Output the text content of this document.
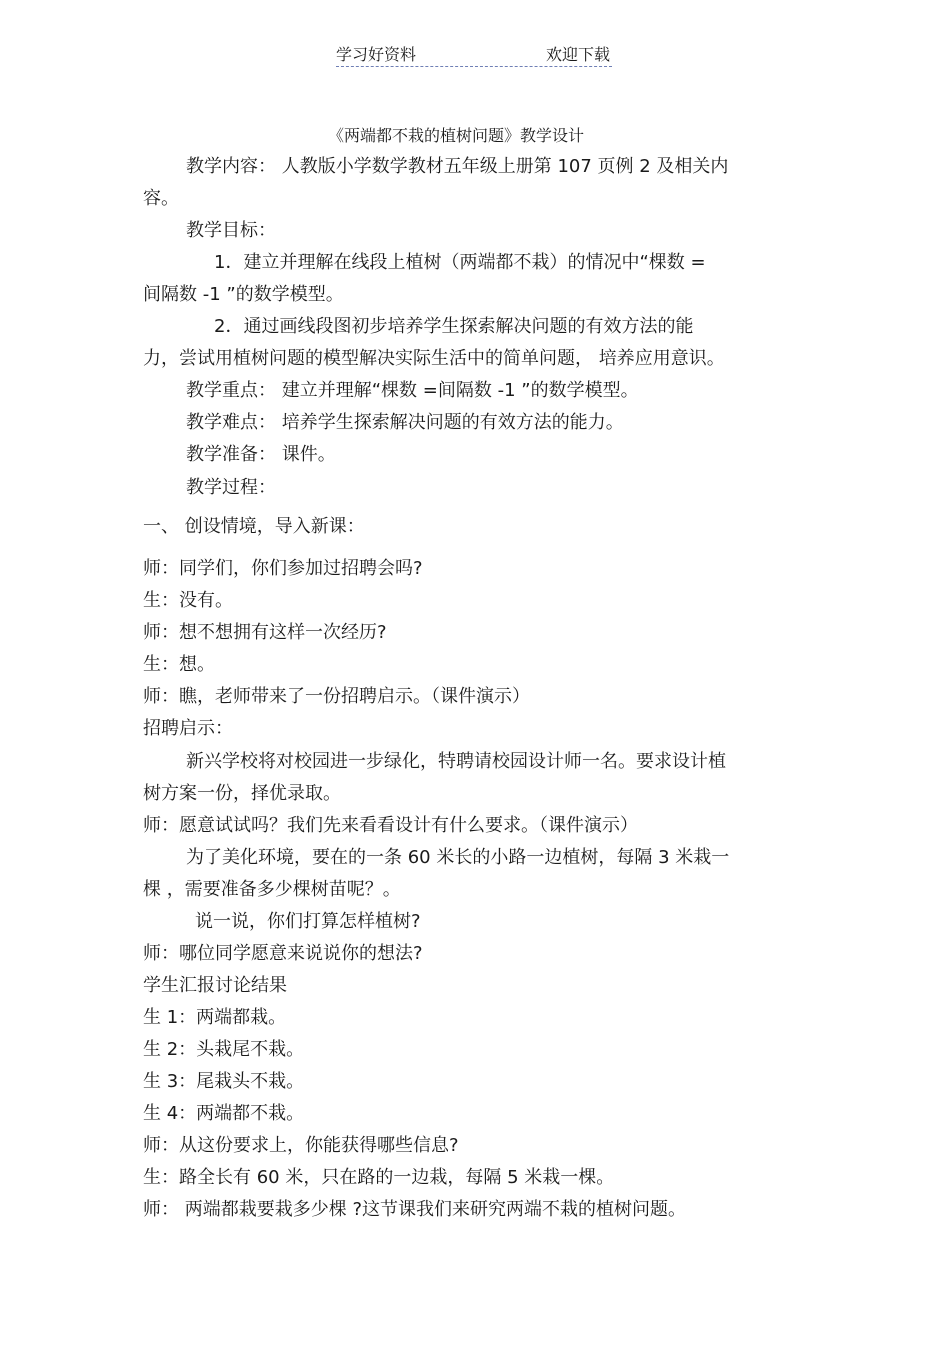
学习好资料	欢迎下载
《两端都不栽的植树问题》教学设计
教学内容： 人教版小学数学教材五年级上册第 107 页例 2 及相关内
容。
教学目标：
1．建立并理解在线段上植树（两端都不栽）的情况中“棵数 =
间隔数 -1 ”的数学模型。
2．通过画线段图初步培养学生探索解决问题的有效方法的能
力，尝试用植树问题的模型解决实际生活中的简单问题， 培养应用意识。
教学重点： 建立并理解“棵数 =间隔数 -1 ”的数学模型。
教学难点： 培养学生探索解决问题的有效方法的能力。
教学准备： 课件。
教学过程：
一、 创设情境，导入新课：
师：同学们，你们参加过招聘会吗?
生：没有。
师：想不想拥有这样一次经历?
生：想。
师：瞧，老师带来了一份招聘启示。（课件演示）
招聘启示：
新兴学校将对校园进一步绿化，特聘请校园设计师一名。要求设计植
树方案一份，择优录取。
师：愿意试试吗？我们先来看看设计有什么要求。（课件演示）
为了美化环境，要在的一条 60 米长的小路一边植树，每隔 3 米栽一
棵 ，需要准备多少棵树苗呢？。
说一说，你们打算怎样植树?
师：哪位同学愿意来说说你的想法?
学生汇报讨论结果
生 1：两端都栽。
生 2：头栽尾不栽。
生 3：尾栽头不栽。
生 4：两端都不栽。
师：从这份要求上，你能获得哪些信息?
生：路全长有 60 米，只在路的一边栽，每隔 5 米栽一棵。
师： 两端都栽要栽多少棵 ?这节课我们来研究两端不栽的植树问题。
